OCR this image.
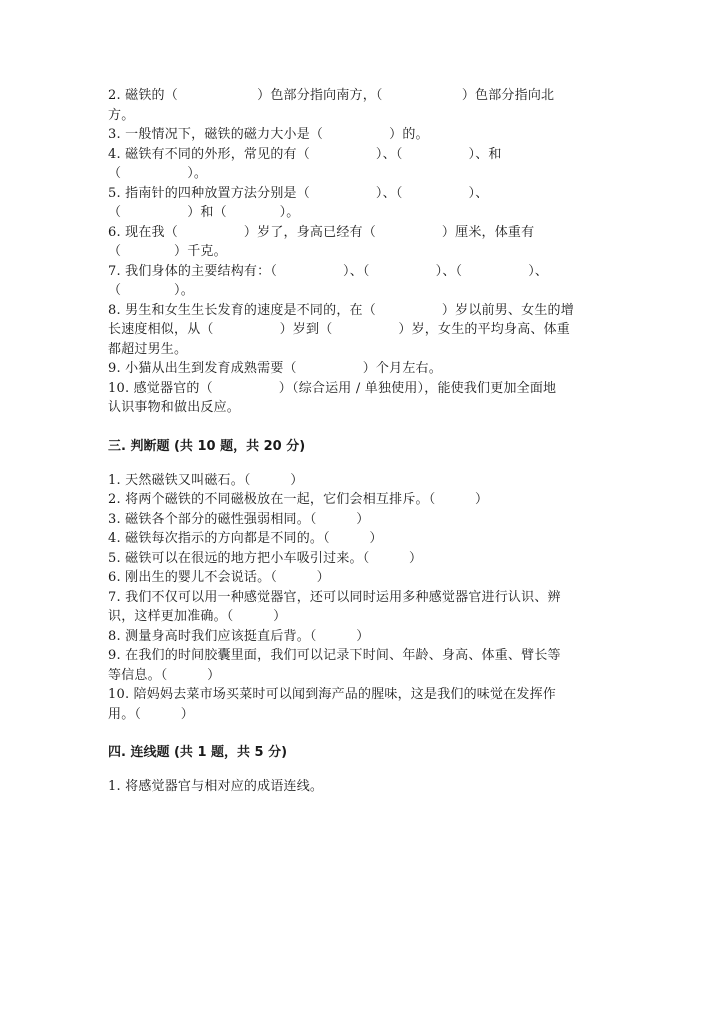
2. 磁铁的（　　　　　　）色部分指向南方，（　　　　　　）色部分指向北
方。
3. 一般情况下，磁铁的磁力大小是（　　　　　）的。
4. 磁铁有不同的外形，常见的有（　　　　　）、（　　　　　）、和
（　　　　　）。
5. 指南针的四种放置方法分别是（　　　　　）、（　　　　　）、
（　　　　　）和（　　　　）。
6. 现在我（　　　　　）岁了，身高已经有（　　　　　）厘米，体重有
（　　　　）千克。
7. 我们身体的主要结构有：（　　　　　）、（　　　　　）、（　　　　　）、
（　　　　）。
8. 男生和女生生长发育的速度是不同的，在（　　　　　）岁以前男、女生的增
长速度相似，从（　　　　　）岁到（　　　　　）岁，女生的平均身高、体重
都超过男生。
9. 小猫从出生到发育成熟需要（　　　　　）个月左右。
10. 感觉器官的（　　　　　）（综合运用 / 单独使用），能使我们更加全面地
认识事物和做出反应。
三. 判断题 (共 10 题，共 20 分)
1. 天然磁铁又叫磁石。（　　　）
2. 将两个磁铁的不同磁极放在一起，它们会相互排斥。（　　　）
3. 磁铁各个部分的磁性强弱相同。（　　　）
4. 磁铁每次指示的方向都是不同的。（　　　）
5. 磁铁可以在很远的地方把小车吸引过来。（　　　）
6. 刚出生的婴儿不会说话。（　　　）
7. 我们不仅可以用一种感觉器官，还可以同时运用多种感觉器官进行认识、辨
识，这样更加准确。（　　　）
8. 测量身高时我们应该挺直后背。（　　　）
9. 在我们的时间胶囊里面，我们可以记录下时间、年龄、身高、体重、臂长等
等信息。（　　　）
10. 陪妈妈去菜市场买菜时可以闻到海产品的腥味，这是我们的味觉在发挥作
用。（　　　）
四. 连线题 (共 1 题，共 5 分)
1. 将感觉器官与相对应的成语连线。
